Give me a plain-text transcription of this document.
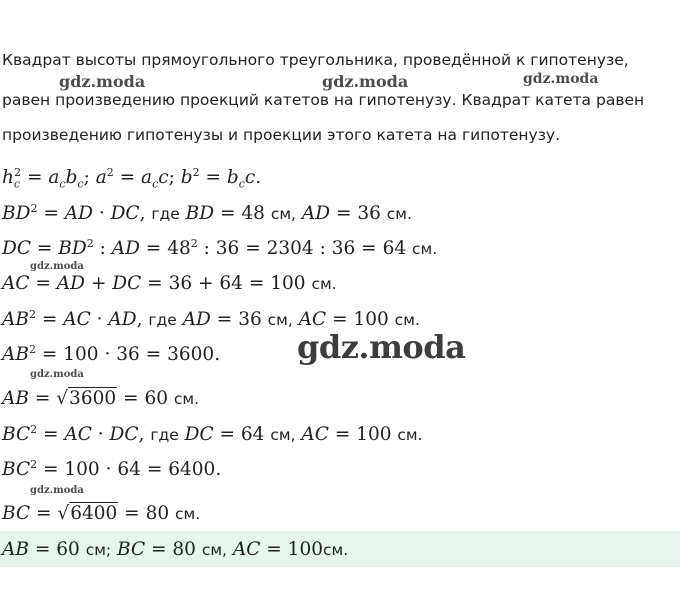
Квадрат высоты прямоугольного треугольника, проведённой к гипотенузе,
равен произведению проекций катетов на гипотенузу. Квадрат катета равен
произведению гипотенузы и проекции этого катета на гипотенузу.
$h_c^2 = a_cb_c$; $a^2 = a_cc$; $b^2 = b_cc$.
$BD^2$ = AD · DC, где BD = 48 см, AD = 36 см.
DC = $BD^2$ : AD = $48^2$ : 36 = 2304 : 36 = 64 см.
AC = AD + DC = 36 + 64 = 100 см.
$AB^2$ = AC · AD, где AD = 36 см, AC = 100 см.
$AB^2 = 100 \cdot 36 = 3600$.
AB = √3600 = 60 см.
$BC^2$ = AC · DC, где DC = 64 см, AC = 100 см.
$BC^2 = 100 \cdot 64 = 6400$.
BC = √6400 = 80 см.
AB = 60 см; BC = 80 см, AC = 100см.
gdz.moda	gdz.moda	gdz.moda
gdz.moda
gdz.moda
gdz.moda
gdz.moda
